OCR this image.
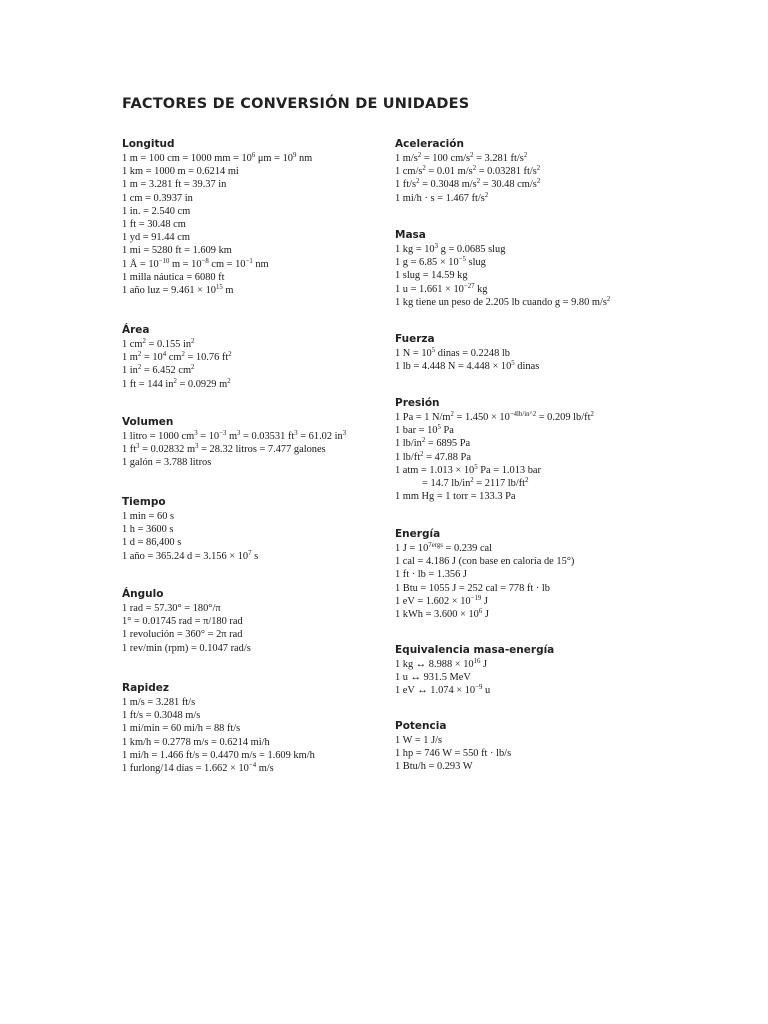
FACTORES DE CONVERSIÓN DE UNIDADES
Longitud
1 m = 100 cm = 1000 mm = $10^6$ $\mu m = 10^9$ nm
1 km = 1000 m = 0.6214 mi
1 m = 3.281 ft = 39.37 in
1 cm = 0.3937 in
1 in. = 2.540 cm
1 ft = 30.48 cm
1 yd = 91.44 cm
1 mi = 5280 ft = 1.609 km
1 Å = $10^{-10}$ $m = 10^{-8}$ cm = $10^{-1}$ nm
1 milla náutica = 6080 ft
1 año luz = $9.461 \times 10^{15}$ m
Área
1 $cm^2 = 0.155$ $in^2$
1 $m^2 = 10^4$ $cm^2 = 10.76$ $ft^2$
1 $in^2 = 6.452$ $cm^2$
1 ft = 144 $in^2 = 0.0929$ $m^2$
Volumen
1 litro = 1000 $cm^3 = 10^{-3}$ $m^3 = 0.03531$ $ft^3 = 61.02$ $in^3$
1 $ft^3 = 0.02832$ $m^3 = 28.32$ litros = 7.477 galones
1 galón = 3.788 litros
Tiempo
1 min = 60 s
1 h = 3600 s
1 d = 86,400 s
1 año = 365.24 $d = 3.156 \times 10^7$ s
Ángulo
1 rad = 57.30° = 180°/π
1° = 0.01745 rad = π/180 rad
1 revolución = 360° = 2π rad
1 rev/min (rpm) = 0.1047 rad/s
Rapidez
1 m/s = 3.281 ft/s
1 ft/s = 0.3048 m/s
1 mi/min = 60 mi/h = 88 ft/s
1 km/h = 0.2778 m/s = 0.6214 mi/h
1 mi/h = 1.466 ft/s = 0.4470 m/s = 1.609 km/h
1 furlong/14 días = $1.662 \times 10^{-4}$ m/s
Aceleración
1 $m/s^2 = 100$ $cm/s^2 = 3.281$ $ft/s^2$
1 $cm/s^2 = 0.01$ $m/s^2 = 0.03281$ $ft/s^2$
1 $ft/s^2 = 0.3048$ $m/s^2 = 30.48$ $cm/s^2$
1 mi/h · s = 1.467 $ft/s^2$
Masa
1 kg = $10^3$ g = 0.0685 slug
1 $g = 6.85 \times 10^{-5}$ slug
1 slug = 14.59 kg
1 $u = 1.661 \times 10^{-27}$ kg
1 kg tiene un peso de 2.205 lb cuando g = 9.80 $m/s^2$
Fuerza
1 $N = 10^5$ dinas = 0.2248 lb
1 lb = 4.448 $N = 4.448 \times 10^5$ dinas
Presión
1 Pa = 1 $N/m^2 = 1.450 \times 10^{-4lb/in\^{}2} = 0.209$ $lb/ft^2$
1 bar = $10^5$ Pa
1 $lb/in^2 = 6895$ Pa
1 $lb/ft^2 = 47.88$ Pa
1 atm = $1.013 \times 10^5$ Pa = 1.013 bar
= 14.7 $lb/in^2 = 2117$ $lb/ft^2$
1 mm Hg = 1 torr = 133.3 Pa
Energía
1 $J = 10^{7ergs} = 0.239$ cal
1 cal = 4.186 J (con base en caloría de 15°)
1 ft · lb = 1.356 J
1 Btu = 1055 J = 252 cal = 778 ft · lb
1 eV = $1.602 \times 10^{-19}$ J
1 kWh = $3.600 \times 10^6$ J
Equivalencia masa-energía
1 kg ↔ $8.988 \times 10^{16}$ J
1 u ↔ 931.5 MeV
1 eV ↔ $1.074 \times 10^{-9}$ u
Potencia
1 W = 1 J/s
1 hp = 746 W = 550 ft · lb/s
1 Btu/h = 0.293 W
